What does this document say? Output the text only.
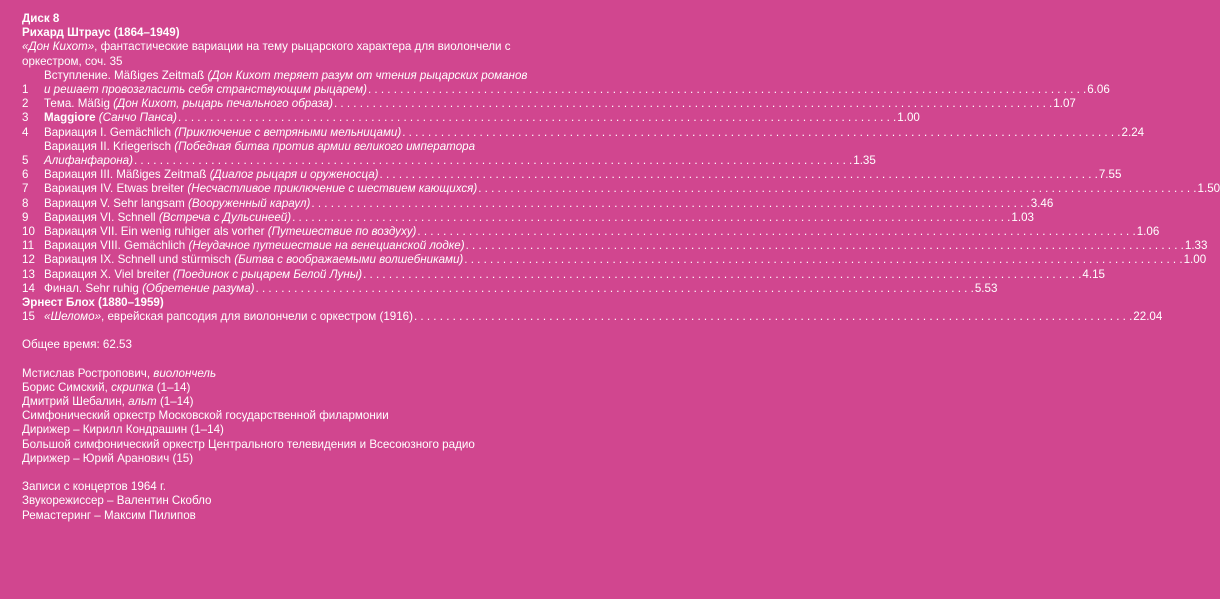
Диск 8
Рихард Штраус (1864–1949)
«Дон Кихот», фантастические вариации на тему рыцарского характера для виолончели с
оркестром, соч. 35
1
Вступление. Mäßiges Zeitmaß (Дон Кихот теряет разум от чтения рыцарских романов
и решает провозгласить себя странствующим рыцарем) . . .	6.06
2	Тема. Mäßig (Дон Кихот, рыцарь печального образа) . . .	1.07
3	Maggiore (Санчо Панса) . . .	1.00
4	Вариация I. Gemächlich (Приключение с ветряными мельницами) . . .	2.24
5
Вариация II. Kriegerisch (Победная битва против армии великого императора
Алифанфарона) . . .	1.35
6	Вариация III. Mäßiges Zeitmaß (Диалог рыцаря и оруженосца) . . .	7.55
7	Вариация IV. Etwas breiter (Несчастливое приключение с шествием кающихся) . . .	1.50
8	Вариация V. Sehr langsam (Вооруженный караул) . . .	3.46
9	Вариация VI. Schnell (Встреча с Дульсинеей) . . .	1.03
10 Вариация VII. Ein wenig ruhiger als vorher (Путешествие по воздуху) . . .	1.06
11 Вариация VIII. Gemächlich (Неудачное путешествие на венецианской лодке) . . .	1.33
12 Вариация IX. Schnell und stürmisch (Битва с воображаемыми волшебниками) . . .	1.00
13 Вариация X. Viel breiter (Поединок с рыцарем Белой Луны) . . .	4.15
14 Финал. Sehr ruhig (Обретение разума) . . .	5.53
Эрнест Блох (1880–1959)
15 «Шеломо», еврейская рапсодия для виолончели с оркестром (1916) . . .	22.04
Общее время: 62.53
Мстислав Ростропович, виолончель
Борис Симский, скрипка (1–14)
Дмитрий Шебалин, альт (1–14)
Симфонический оркестр Московской государственной филармонии
Дирижер – Кирилл Кондрашин (1–14)
Большой симфонический оркестр Центрального телевидения и Всесоюзного радио
Дирижер – Юрий Аранович (15)
Записи с концертов 1964 г.
Звукорежиссер – Валентин Скобло
Ремастеринг – Максим Пилипов
